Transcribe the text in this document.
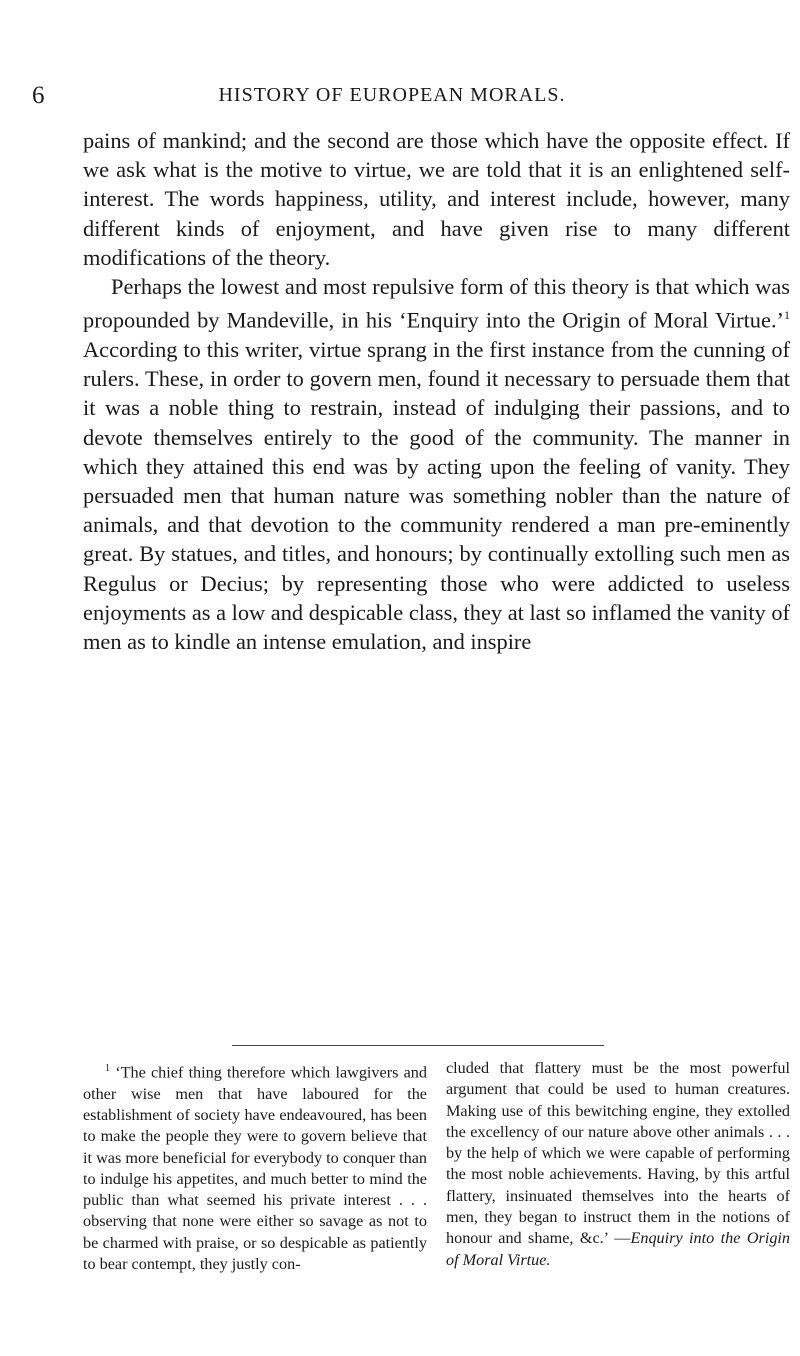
6	HISTORY OF EUROPEAN MORALS.

pains of mankind; and the second are those which have the opposite effect. If we ask what is the motive to virtue, we are told that it is an enlightened self-interest. The words happiness, utility, and interest include, however, many different kinds of enjoyment, and have given rise to many different modifications of the theory.

Perhaps the lowest and most repulsive form of this theory is that which was propounded by Mandeville, in his ‘Enquiry into the Origin of Moral Virtue.’$^1$ According to this writer, virtue sprang in the first instance from the cunning of rulers. These, in order to govern men, found it necessary to persuade them that it was a noble thing to restrain, instead of indulging their passions, and to devote themselves entirely to the good of the community. The manner in which they attained this end was by acting upon the feeling of vanity. They persuaded men that human nature was something nobler than the nature of animals, and that devotion to the community rendered a man pre-eminently great. By statues, and titles, and honours; by continually extolling such men as Regulus or Decius; by representing those who were addicted to useless enjoyments as a low and despicable class, they at last so inflamed the vanity of men as to kindle an intense emulation, and inspire

$^1$ ‘The chief thing therefore which lawgivers and other wise men that have laboured for the establishment of society have endeavoured, has been to make the people they were to govern believe that it was more beneficial for everybody to conquer than to indulge his appetites, and much better to mind the public than what seemed his private interest . . . observing that none were either so savage as not to be charmed with praise, or so despicable as patiently to bear contempt, they justly con-

cluded that flattery must be the most powerful argument that could be used to human creatures. Making use of this bewitching engine, they extolled the excellency of our nature above other animals . . . by the help of which we were capable of performing the most noble achievements. Having, by this artful flattery, insinuated themselves into the hearts of men, they began to instruct them in the notions of honour and shame, &c.’ —Enquiry into the Origin of Moral Virtue.
